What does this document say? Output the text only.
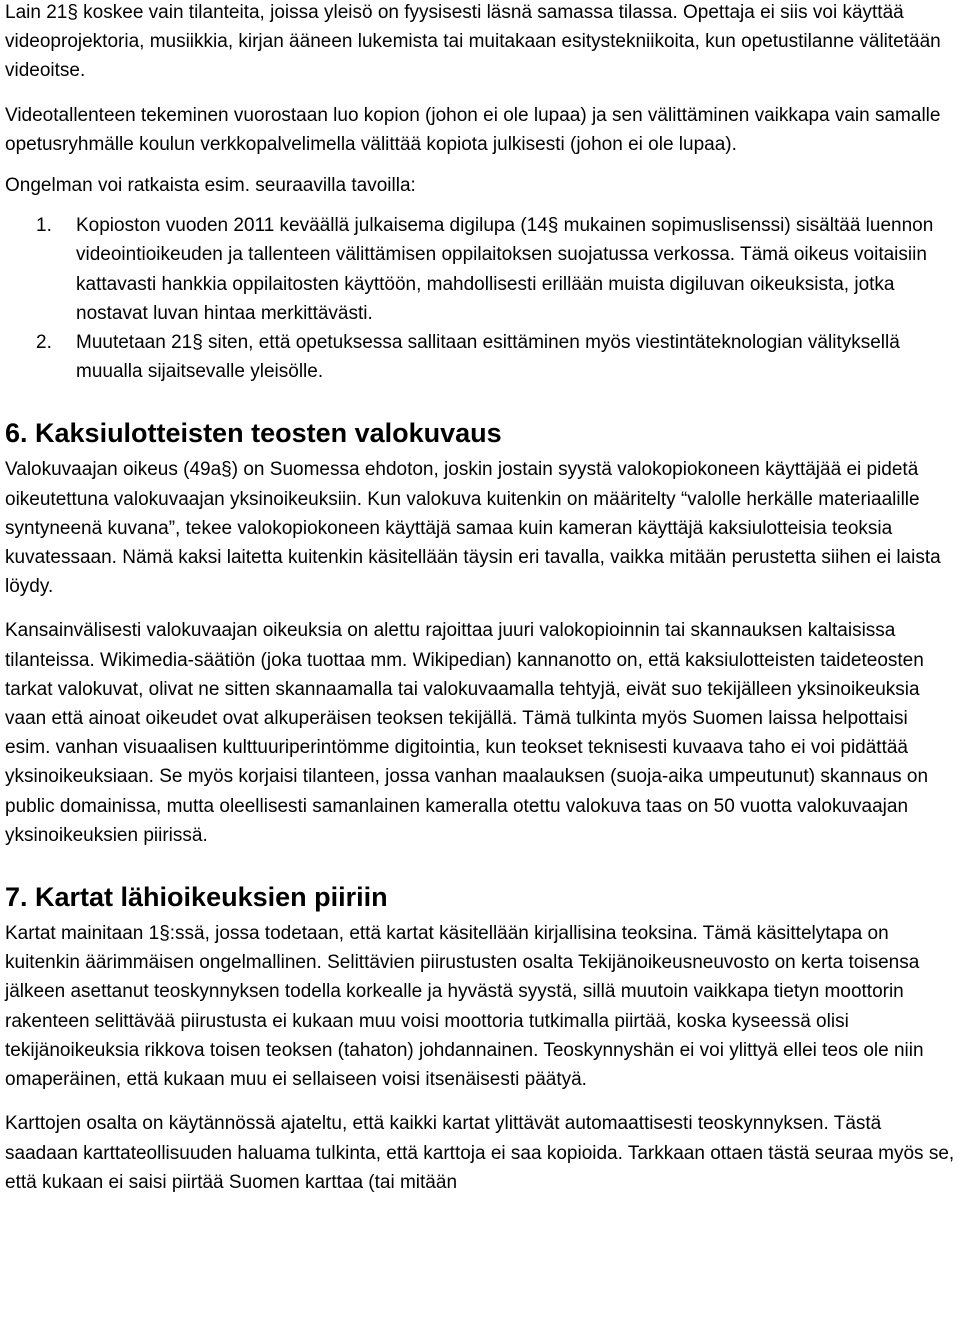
Lain 21§ koskee vain tilanteita, joissa yleisö on fyysisesti läsnä samassa tilassa. Opettaja ei siis voi käyttää videoprojektoria, musiikkia, kirjan ääneen lukemista tai muitakaan esitystekniikoita, kun opetustilanne välitetään videoitse.

Videotallenteen tekeminen vuorostaan luo kopion (johon ei ole lupaa) ja sen välittäminen vaikkapa vain samalle opetusryhmälle koulun verkkopalvelimella välittää kopiota julkisesti (johon ei ole lupaa).

Ongelman voi ratkaista esim. seuraavilla tavoilla:

1. Kopioston vuoden 2011 keväällä julkaisema digilupa (14§ mukainen sopimuslisenssi) sisältää luennon videointioikeuden ja tallenteen välittämisen oppilaitoksen suojatussa verkossa. Tämä oikeus voitaisiin kattavasti hankkia oppilaitosten käyttöön, mahdollisesti erillään muista digiluvan oikeuksista, jotka nostavat luvan hintaa merkittävästi.
2. Muutetaan 21§ siten, että opetuksessa sallitaan esittäminen myös viestintäteknologian välityksellä muualla sijaitsevalle yleisölle.
6. Kaksiulotteisten teosten valokuvaus

Valokuvaajan oikeus (49a§) on Suomessa ehdoton, joskin jostain syystä valokopiokoneen käyttäjää ei pidetä oikeutettuna valokuvaajan yksinoikeuksiin. Kun valokuva kuitenkin on määritelty “valolle herkälle materiaalille syntyneenä kuvana”, tekee valokopiokoneen käyttäjä samaa kuin kameran käyttäjä kaksiulotteisia teoksia kuvatessaan. Nämä kaksi laitetta kuitenkin käsitellään täysin eri tavalla, vaikka mitään perustetta siihen ei laista löydy.

Kansainvälisesti valokuvaajan oikeuksia on alettu rajoittaa juuri valokopioinnin tai skannauksen kaltaisissa tilanteissa. Wikimedia-säätiön (joka tuottaa mm. Wikipedian) kannanotto on, että kaksiulotteisten taideteosten tarkat valokuvat, olivat ne sitten skannaamalla tai valokuvaamalla tehtyjä, eivät suo tekijälleen yksinoikeuksia vaan että ainoat oikeudet ovat alkuperäisen teoksen tekijällä. Tämä tulkinta myös Suomen laissa helpottaisi esim. vanhan visuaalisen kulttuuriperintömme digitointia, kun teokset teknisesti kuvaava taho ei voi pidättää yksinoikeuksiaan. Se myös korjaisi tilanteen, jossa vanhan maalauksen (suoja-aika umpeutunut) skannaus on public domainissa, mutta oleellisesti samanlainen kameralla otettu valokuva taas on 50 vuotta valokuvaajan yksinoikeuksien piirissä.

7. Kartat lähioikeuksien piiriin

Kartat mainitaan 1§:ssä, jossa todetaan, että kartat käsitellään kirjallisina teoksina. Tämä käsittelytapa on kuitenkin äärimmäisen ongelmallinen. Selittävien piirustusten osalta Tekijänoikeusneuvosto on kerta toisensa jälkeen asettanut teoskynnyksen todella korkealle ja hyvästä syystä, sillä muutoin vaikkapa tietyn moottorin rakenteen selittävää piirustusta ei kukaan muu voisi moottoria tutkimalla piirtää, koska kyseessä olisi tekijänoikeuksia rikkova toisen teoksen (tahaton) johdannainen. Teoskynnyshän ei voi ylittyä ellei teos ole niin omaperäinen, että kukaan muu ei sellaiseen voisi itsenäisesti päätyä.

Karttojen osalta on käytännössä ajateltu, että kaikki kartat ylittävät automaattisesti teoskynnyksen. Tästä saadaan karttateollisuuden haluama tulkinta, että karttoja ei saa kopioida. Tarkkaan ottaen tästä seuraa myös se, että kukaan ei saisi piirtää Suomen karttaa (tai mitään
